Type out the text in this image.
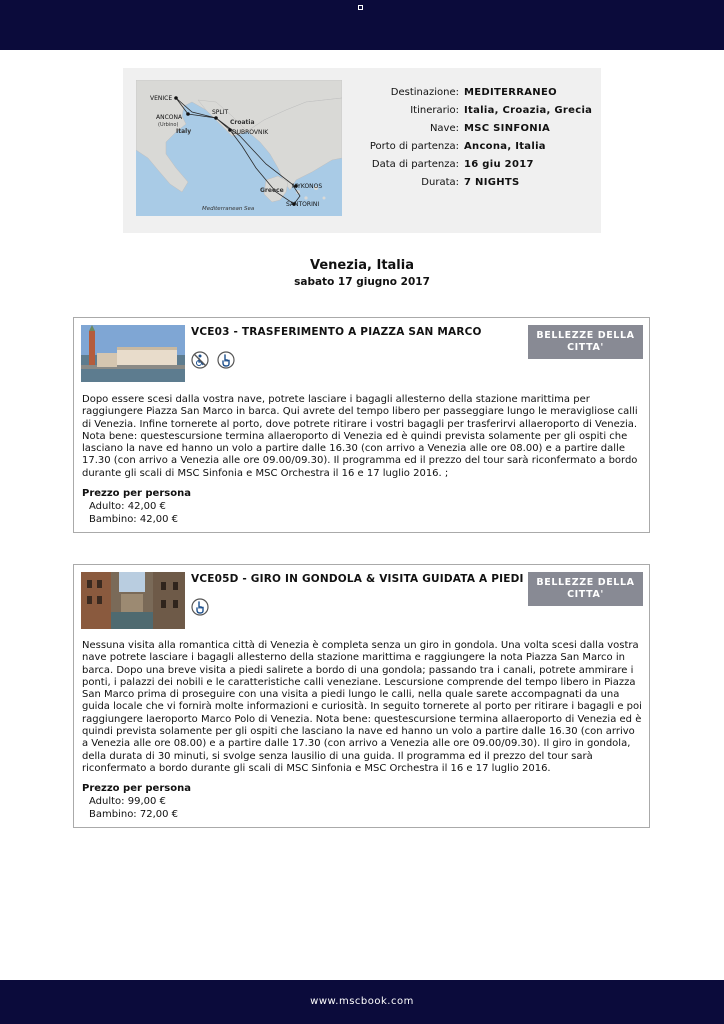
VENICE
ANCONA
(Urbino)
Italy
SPLIT
Croatia
DUBROVNIK
Greece
MYKONOS
SANTORINI
Mediterranean Sea
Destinazione: MEDITERRANEO
Itinerario: Italia, Croazia, Grecia
Nave: MSC SINFONIA
Porto di partenza: Ancona, Italia
Data di partenza: 16 giu 2017
Durata: 7 NIGHTS
Venezia, Italia
sabato 17 giugno 2017
VCE03 - TRASFERIMENTO A PIAZZA SAN MARCO	BELLEZZE DELLA CITTA'
Dopo essere scesi dalla vostra nave, potrete lasciare i bagagli allesterno della stazione marittima per raggiungere Piazza San Marco in barca. Qui avrete del tempo libero per passeggiare lungo le meravigliose calli di Venezia. Infine tornerete al porto, dove potrete ritirare i vostri bagagli per trasferirvi allaeroporto di Venezia. Nota bene: questescursione termina allaeroporto di Venezia ed è quindi prevista solamente per gli ospiti che lasciano la nave ed hanno un volo a partire dalle 16.30 (con arrivo a Venezia alle ore 08.00) e a partire dalle 17.30 (con arrivo a Venezia alle ore 09.00/09.30). Il programma ed il prezzo del tour sarà riconfermato a bordo durante gli scali di MSC Sinfonia e MSC Orchestra il 16 e 17 luglio 2016. ;
Prezzo per persona
Adulto: 42,00 €
Bambino: 42,00 €
VCE05D - GIRO IN GONDOLA & VISITA GUIDATA A PIEDI	BELLEZZE DELLA CITTA'
Nessuna visita alla romantica città di Venezia è completa senza un giro in gondola. Una volta scesi dalla vostra nave potrete lasciare i bagagli allesterno della stazione marittima e raggiungere la nota Piazza San Marco in barca. Dopo una breve visita a piedi salirete a bordo di una gondola; passando tra i canali, potrete ammirare i ponti, i palazzi dei nobili e le caratteristiche calli veneziane. Lescursione comprende del tempo libero in Piazza San Marco prima di proseguire con una visita a piedi lungo le calli, nella quale sarete accompagnati da una guida locale che vi fornirà molte informazioni e curiosità. In seguito tornerete al porto per ritirare i bagagli e poi raggiungere laeroporto Marco Polo di Venezia. Nota bene: questescursione termina allaeroporto di Venezia ed è quindi prevista solamente per gli ospiti che lasciano la nave ed hanno un volo a partire dalle 16.30 (con arrivo a Venezia alle ore 08.00) e a partire dalle 17.30 (con arrivo a Venezia alle ore 09.00/09.30). Il giro in gondola, della durata di 30 minuti, si svolge senza lausilio di una guida. Il programma ed il prezzo del tour sarà riconfermato a bordo durante gli scali di MSC Sinfonia e MSC Orchestra il 16 e 17 luglio 2016.
Prezzo per persona
Adulto: 99,00 €
Bambino: 72,00 €
www.mscbook.com
